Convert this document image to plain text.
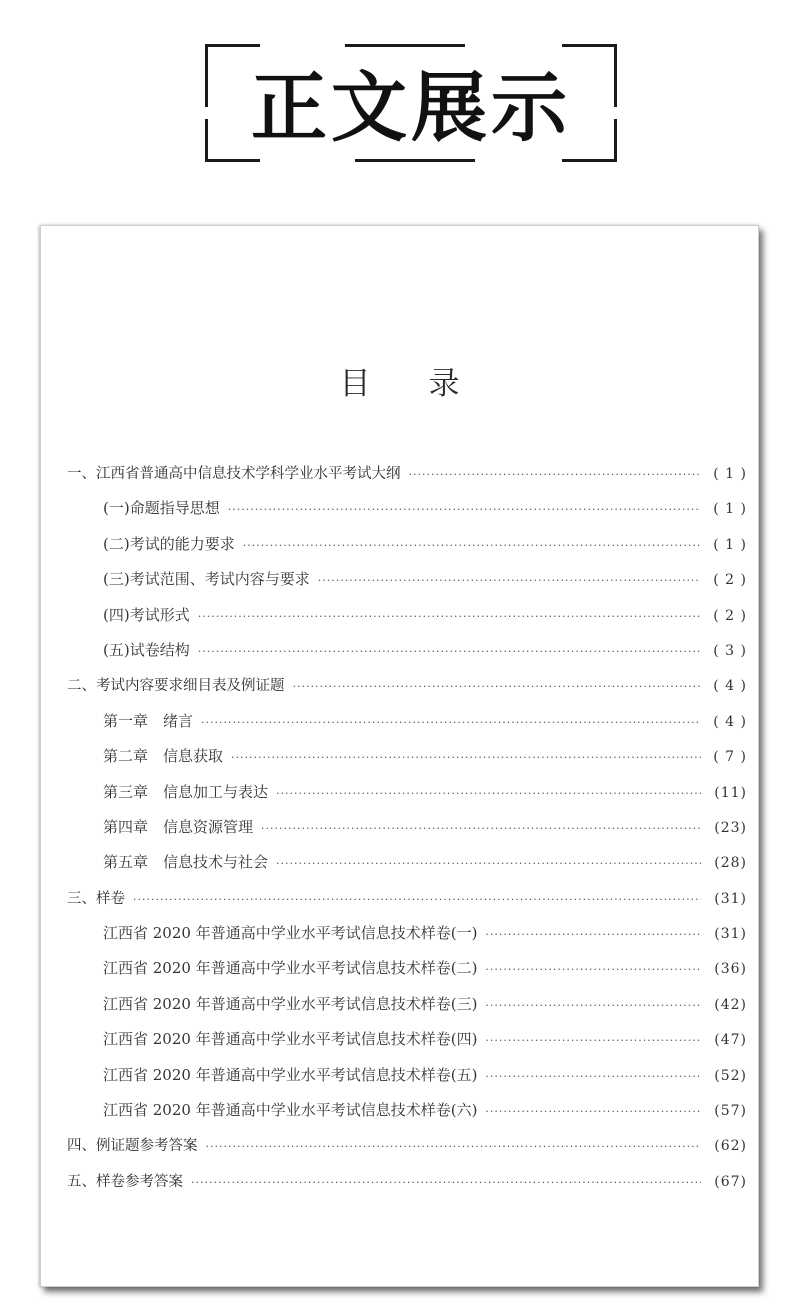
正文展示
目录
一、江西省普通高中信息技术学科学业水平考试大纲 ·····	( 1 )
(一)命题指导思想 ·····	( 1 )
(二)考试的能力要求 ·····	( 1 )
(三)考试范围、考试内容与要求 ·····	( 2 )
(四)考试形式 ·····	( 2 )
(五)试卷结构 ·····	( 3 )
二、考试内容要求细目表及例证题 ·····	( 4 )
第一章　绪言 ·····	( 4 )
第二章　信息获取 ·····	( 7 )
第三章　信息加工与表达 ·····	(11)
第四章　信息资源管理 ·····	(23)
第五章　信息技术与社会 ·····	(28)
三、样卷 ·····	(31)
江西省 2020 年普通高中学业水平考试信息技术样卷(一) ·····	(31)
江西省 2020 年普通高中学业水平考试信息技术样卷(二) ·····	(36)
江西省 2020 年普通高中学业水平考试信息技术样卷(三) ·····	(42)
江西省 2020 年普通高中学业水平考试信息技术样卷(四) ·····	(47)
江西省 2020 年普通高中学业水平考试信息技术样卷(五) ·····	(52)
江西省 2020 年普通高中学业水平考试信息技术样卷(六) ·····	(57)
四、例证题参考答案 ·····	(62)
五、样卷参考答案 ·····	(67)
